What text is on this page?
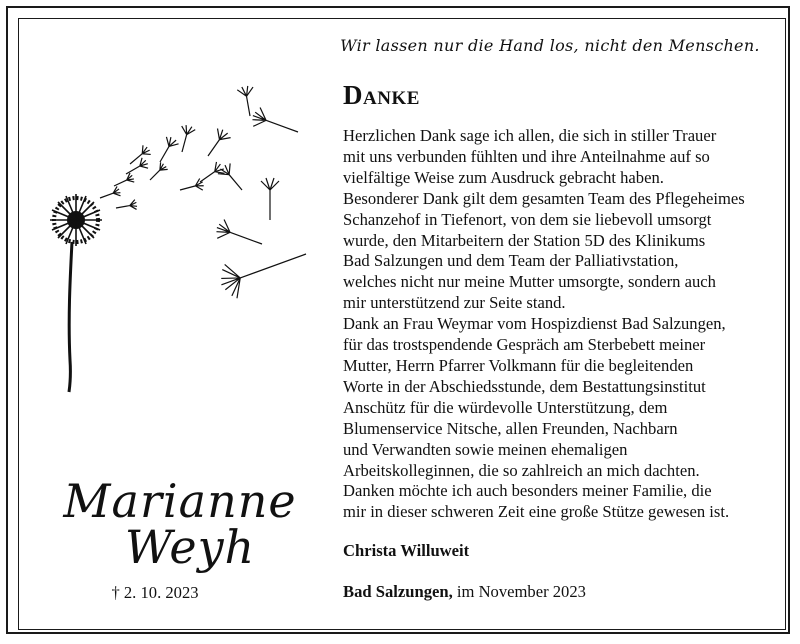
Wir lassen nur die Hand los, nicht den Menschen.
Danke
Herzlichen Dank sage ich allen, die sich in stiller Trauer
mit uns verbunden fühlten und ihre Anteilnahme auf so
vielfältige Weise zum Ausdruck gebracht haben.
Besonderer Dank gilt dem gesamten Team des Pflegeheimes
Schanzehof in Tiefenort, von dem sie liebevoll umsorgt
wurde, den Mitarbeitern der Station 5D des Klinikums
Bad Salzungen und dem Team der Palliativstation,
welches nicht nur meine Mutter umsorgte, sondern auch
mir unterstützend zur Seite stand.
Dank an Frau Weymar vom Hospizdienst Bad Salzungen,
für das trostspendende Gespräch am Sterbebett meiner
Mutter, Herrn Pfarrer Volkmann für die begleitenden
Worte in der Abschiedsstunde, dem Bestattungsinstitut
Anschütz für die würdevolle Unterstützung, dem
Blumenservice Nitsche, allen Freunden, Nachbarn
und Verwandten sowie meinen ehemaligen
Arbeitskolleginnen, die so zahlreich an mich dachten.
Danken möchte ich auch besonders meiner Familie, die
mir in dieser schweren Zeit eine große Stütze gewesen ist.
Christa Willuweit
Bad Salzungen, im November 2023
Marianne
Weyh
† 2. 10. 2023
